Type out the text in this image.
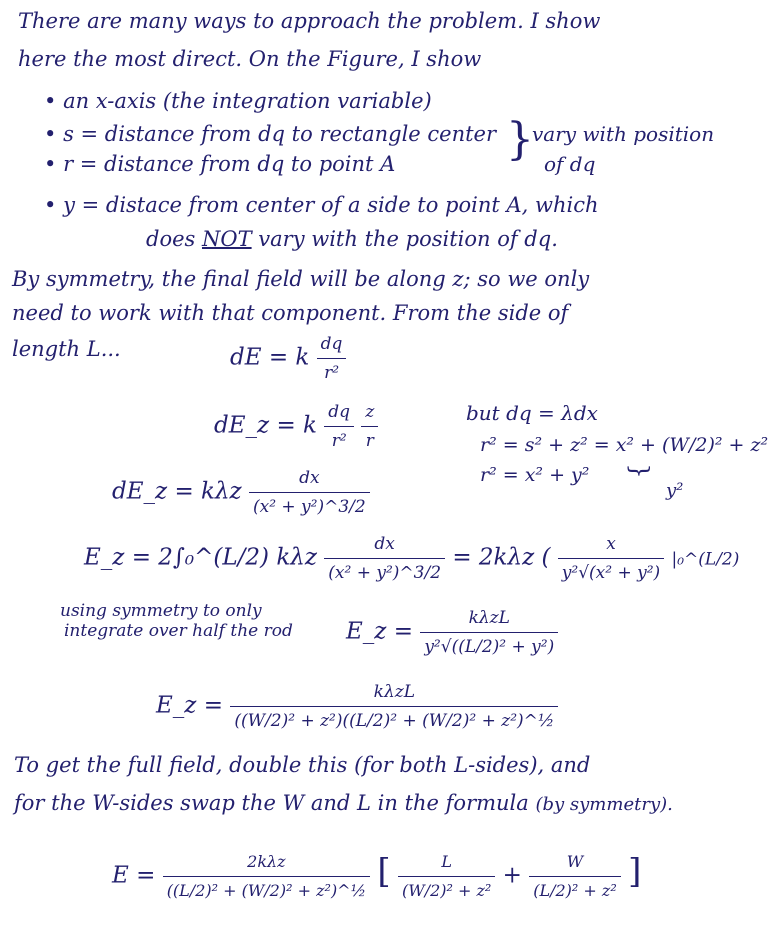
There are many ways to approach the problem. I show
here the most direct. On the Figure, I show
• an x-axis (the integration variable)
• s = distance from dq to rectangle center
• r = distance from dq to point A	}
vary with position
of dq
• y = distace from center of a side to point A, which
does NOT vary with the position of dq.
By symmetry, the final field will be along z; so we only
need to work with that component. From the side of
length L...	dE = k $\frac{dq}{\text{r²}}$
dE_z = k $\frac{dq}{\text{r²}}$
$\frac{z}{r}$	but dq = λdx
r² = s² + z² = x² + (W/2)² + z²
r² = x² + y² }
y²
dE_z = kλz $\frac{dx}{\text{(x² + y²)\textasciicircum{}3/2}}$
E_z = 2∫₀^(L/2) kλz $\frac{dx}{\text{(x² + y²)\textasciicircum{}3/2}} = 2k\lambda z$ ( $\frac{x}{\text{y²√(x² + y²)}}$ |₀^(L/2)
using symmetry to only
integrate over half the rod E_z = $\frac{\text{kλzL}}{\text{y²√((L/2)² + y²)}}$
E_z = $\frac{\text{kλzL}}{\text{((W/2)² + z²)((L/2)² + (W/2)² + z²)\textasciicircum{}½}}$
To get the full field, double this (for both L-sides), and
for the W-sides swap the W and L in the formula (by symmetry).
$E = \frac{\text{2kλz}}{\text{((L/2)² + (W/2)² + z²)\textasciicircum{}½}}$ [ $\frac{L}{\text{(W/2)² + z²}} + \frac{W}{\text{(L/2)² + z²}}$ ]
